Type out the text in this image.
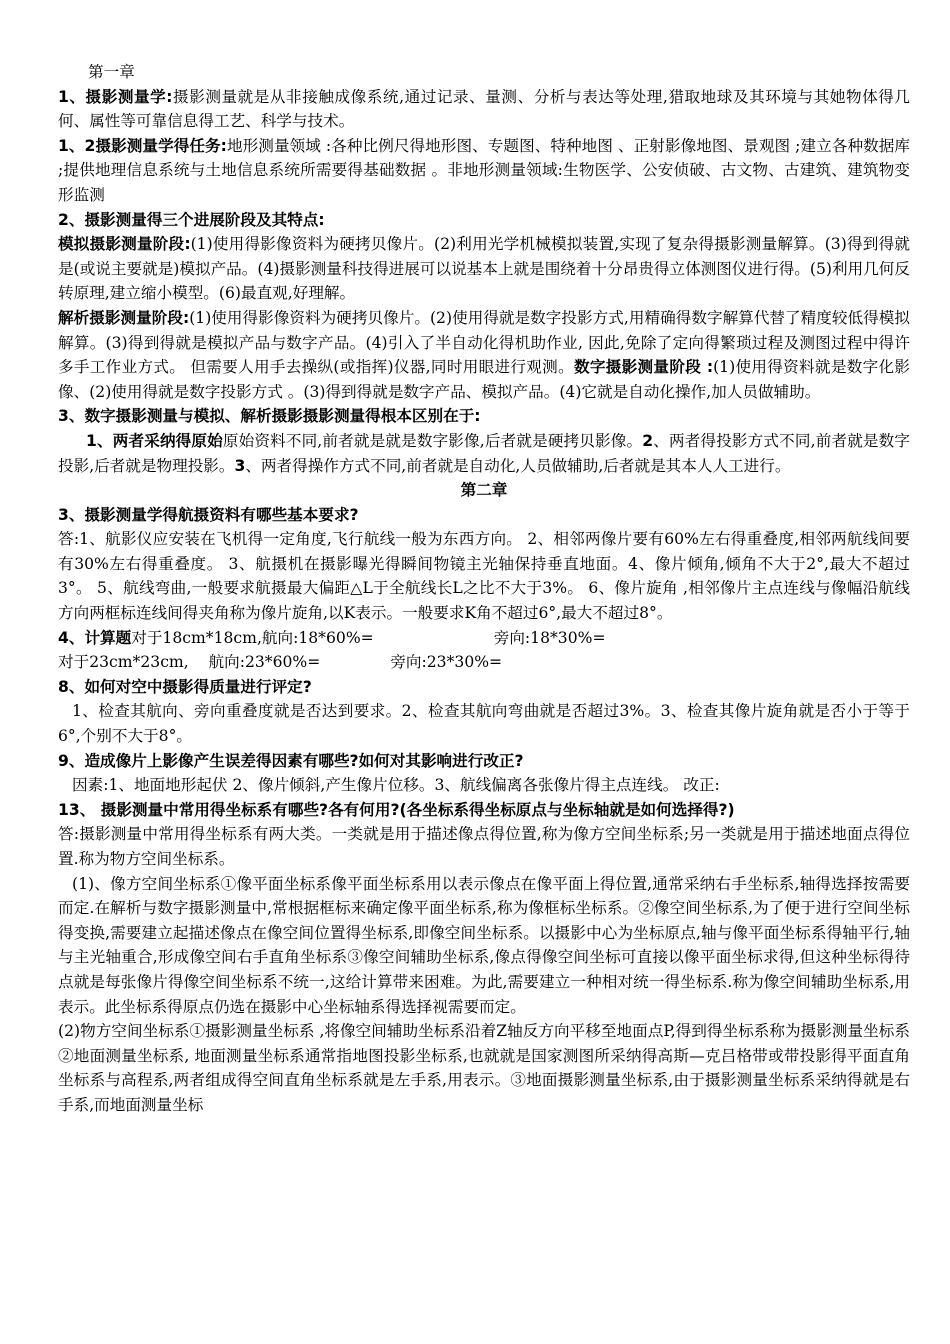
第一章

1、摄影测量学:摄影测量就是从非接触成像系统,通过记录、量测、分析与表达等处理,猎取地球及其环境与其她物体得几何、属性等可靠信息得工艺、科学与技术。

1、2摄影测量学得任务:地形测量领域 :各种比例尺得地形图、专题图、特种地图 、正射影像地图、景观图 ;建立各种数据库 ;提供地理信息系统与土地信息系统所需要得基础数据 。非地形测量领域:生物医学、公安侦破、古文物、古建筑、建筑物变形监测

2、摄影测量得三个进展阶段及其特点:

模拟摄影测量阶段:(1)使用得影像资料为硬拷贝像片。(2)利用光学机械模拟装置,实现了复杂得摄影测量解算。(3)得到得就是(或说主要就是)模拟产品。(4)摄影测量科技得进展可以说基本上就是围绕着十分昂贵得立体测图仪进行得。(5)利用几何反转原理,建立缩小模型。(6)最直观,好理解。

解析摄影测量阶段:(1)使用得影像资料为硬拷贝像片。(2)使用得就是数字投影方式,用精确得数字解算代替了精度较低得模拟解算。(3)得到得就是模拟产品与数字产品。(4)引入了半自动化得机助作业, 因此,免除了定向得繁琐过程及测图过程中得许多手工作业方式。 但需要人用手去操纵(或指挥)仪器,同时用眼进行观测。数字摄影测量阶段 :(1)使用得资料就是数字化影像、(2)使用得就是数字投影方式 。(3)得到得就是数字产品、模拟产品。(4)它就是自动化操作,加人员做辅助。

3、数字摄影测量与模拟、解析摄影摄影测量得根本区别在于:

1、两者采纳得原始原始资料不同,前者就是就是数字影像,后者就是硬拷贝影像。2、两者得投影方式不同,前者就是数字投影,后者就是物理投影。3、两者得操作方式不同,前者就是自动化,人员做辅助,后者就是其本人人工进行。

第二章

3、摄影测量学得航摄资料有哪些基本要求?

答:1、航影仪应安装在飞机得一定角度,飞行航线一般为东西方向。 2、相邻两像片要有60%左右得重叠度,相邻两航线间要有30%左右得重叠度。 3、航摄机在摄影曝光得瞬间物镜主光轴保持垂直地面。4、像片倾角,倾角不大于2°,最大不超过3°。 5、航线弯曲,一般要求航摄最大偏距△L于全航线长L之比不大于3%。 6、像片旋角 ,相邻像片主点连线与像幅沿航线方向两框标连线间得夹角称为像片旋角,以K表示。一般要求K角不超过6°,最大不超过8°。

4、计算题对于18cm*18cm,航向:18*60%=	旁向:18*30%=

对于23cm*23cm, 航向:23*60%=	旁向:23*30%=

8、如何对空中摄影得质量进行评定?

1、检查其航向、旁向重叠度就是否达到要求。2、检查其航向弯曲就是否超过3%。3、检查其像片旋角就是否小于等于6°,个别不大于8°。

9、造成像片上影像产生误差得因素有哪些?如何对其影响进行改正?

因素:1、地面地形起伏 2、像片倾斜,产生像片位移。3、航线偏离各张像片得主点连线。 改正:

13、 摄影测量中常用得坐标系有哪些?各有何用?(各坐标系得坐标原点与坐标轴就是如何选择得?)

答:摄影测量中常用得坐标系有两大类。一类就是用于描述像点得位置,称为像方空间坐标系;另一类就是用于描述地面点得位置.称为物方空间坐标系。

(1)、像方空间坐标系①像平面坐标系像平面坐标系用以表示像点在像平面上得位置,通常采纳右手坐标系,轴得选择按需要而定.在解析与数字摄影测量中,常根据框标来确定像平面坐标系,称为像框标坐标系。②像空间坐标系,为了便于进行空间坐标得变换,需要建立起描述像点在像空间位置得坐标系,即像空间坐标系。以摄影中心为坐标原点,轴与像平面坐标系得轴平行,轴与主光轴重合,形成像空间右手直角坐标系③像空间辅助坐标系,像点得像空间坐标可直接以像平面坐标求得,但这种坐标得待点就是每张像片得像空间坐标系不统一,这给计算带来困难。为此,需要建立一种相对统一得坐标系.称为像空间辅助坐标系,用表示。此坐标系得原点仍选在摄影中心坐标轴系得选择视需要而定。

(2)物方空间坐标系①摄影测量坐标系 ,将像空间辅助坐标系沿着Z轴反方向平移至地面点P,得到得坐标系称为摄影测量坐标系②地面测量坐标系, 地面测量坐标系通常指地图投影坐标系,也就就是国家测图所采纳得高斯—克吕格带或带投影得平面直角坐标系与高程系,两者组成得空间直角坐标系就是左手系,用表示。③地面摄影测量坐标系,由于摄影测量坐标系采纳得就是右手系,而地面测量坐标
